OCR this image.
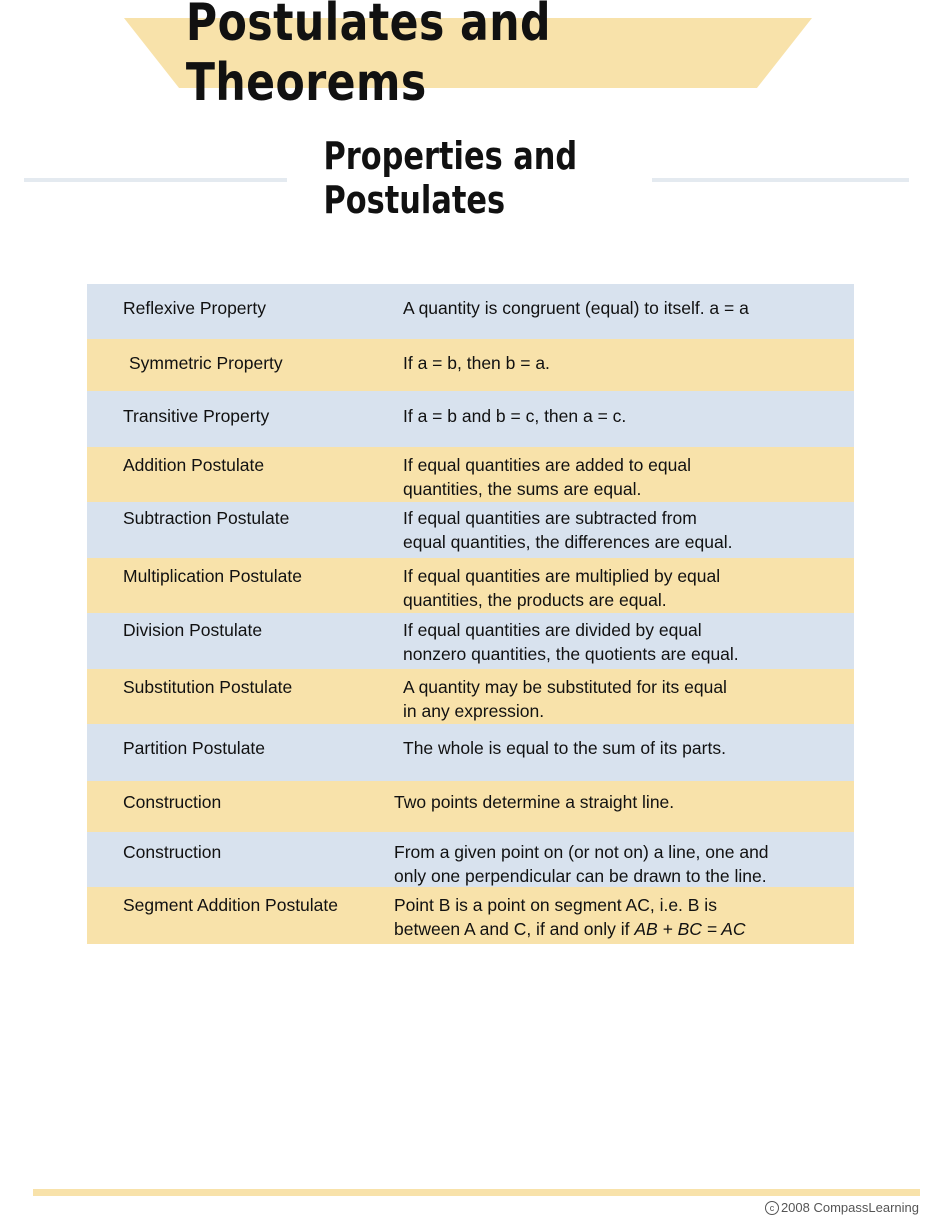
Postulates and Theorems
Properties and Postulates
Reflexive Property	A quantity is congruent (equal) to itself. a = a
Symmetric Property	If a = b, then b = a.
Transitive Property	If a = b and b = c, then a = c.
Addition Postulate	If equal quantities are added to equal
quantities, the sums are equal.
Subtraction Postulate	If equal quantities are subtracted from
equal quantities, the differences are equal.
Multiplication Postulate	If equal quantities are multiplied by equal
quantities, the products are equal.
Division Postulate	If equal quantities are divided by equal
nonzero quantities, the quotients are equal.
Substitution Postulate	A quantity may be substituted for its equal
in any expression.
Partition Postulate	The whole is equal to the sum of its parts.
Construction	Two points determine a straight line.
Construction	From a given point on (or not on) a line, one and
only one perpendicular can be drawn to the line.
Segment Addition Postulate	Point B is a point on segment AC, i.e. B is
between A and C, if and only if AB + BC = AC
c 2008 CompassLearning
